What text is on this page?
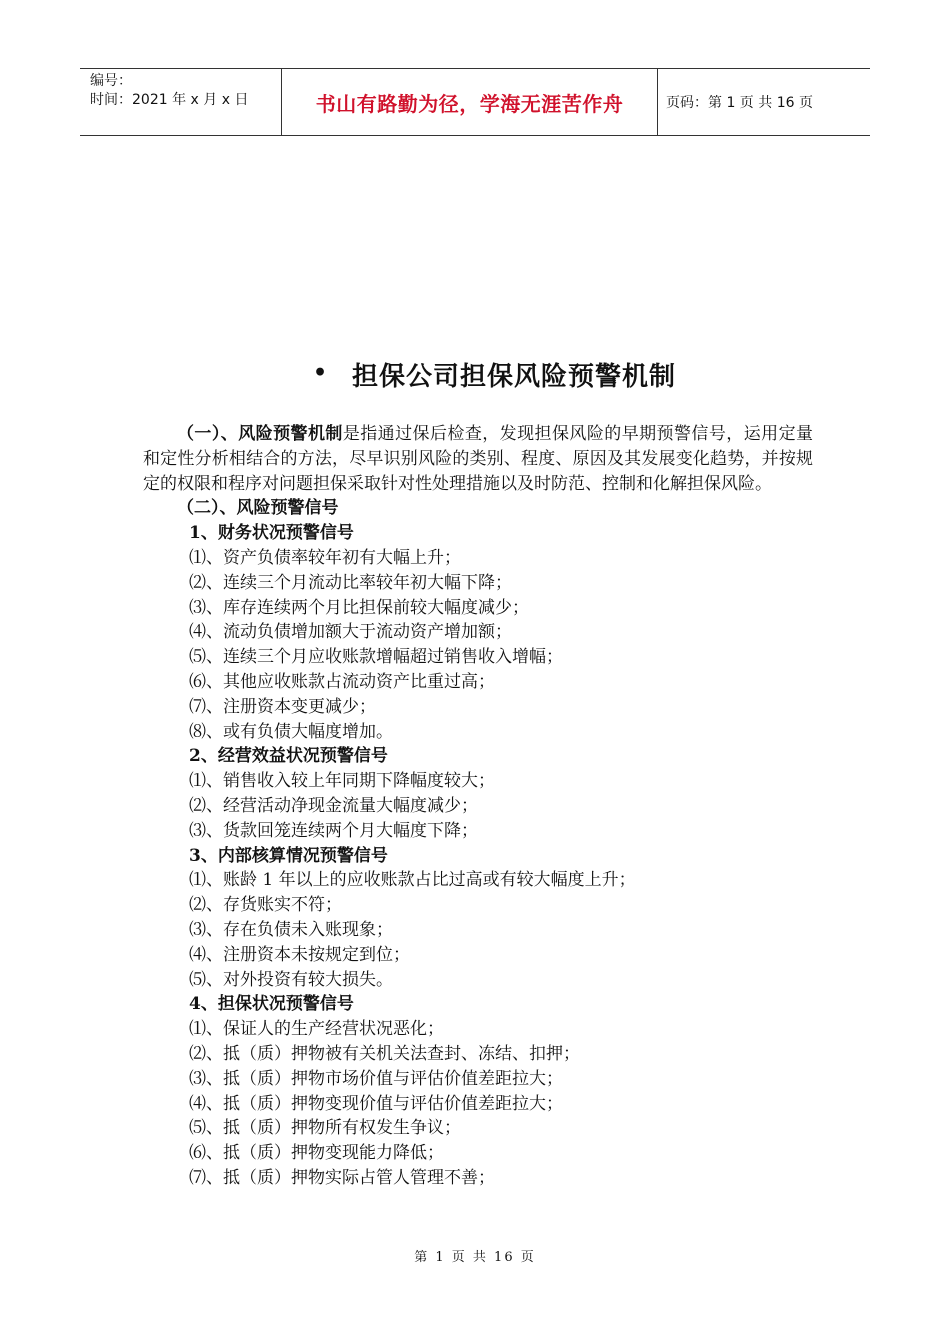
编号：
时间：2021 年 x 月 x 日	书山有路勤为径，学海无涯苦作舟	页码：第 1 页 共 16 页
• 担保公司担保风险预警机制

（一）、风险预警机制是指通过保后检查，发现担保风险的早期预警信号，运用定量和定性分析相结合的方法，尽早识别风险的类别、程度、原因及其发展变化趋势，并按规定的权限和程序对问题担保采取针对性处理措施以及时防范、控制和化解担保风险。

（二）、风险预警信号

1、财务状况预警信号

⑴、资产负债率较年初有大幅上升；

⑵、连续三个月流动比率较年初大幅下降；

⑶、库存连续两个月比担保前较大幅度减少；

⑷、流动负债增加额大于流动资产增加额；

⑸、连续三个月应收账款增幅超过销售收入增幅；

⑹、其他应收账款占流动资产比重过高；

⑺、注册资本变更减少；

⑻、或有负债大幅度增加。

2、经营效益状况预警信号

⑴、销售收入较上年同期下降幅度较大；

⑵、经营活动净现金流量大幅度减少；

⑶、货款回笼连续两个月大幅度下降；

3、内部核算情况预警信号

⑴、账龄 1 年以上的应收账款占比过高或有较大幅度上升；

⑵、存货账实不符；

⑶、存在负债未入账现象；

⑷、注册资本未按规定到位；

⑸、对外投资有较大损失。

4、担保状况预警信号

⑴、保证人的生产经营状况恶化；

⑵、抵（质）押物被有关机关法查封、冻结、扣押；

⑶、抵（质）押物市场价值与评估价值差距拉大；

⑷、抵（质）押物变现价值与评估价值差距拉大；

⑸、抵（质）押物所有权发生争议；

⑹、抵（质）押物变现能力降低；

⑺、抵（质）押物实际占管人管理不善；

第 1 页 共 16 页
